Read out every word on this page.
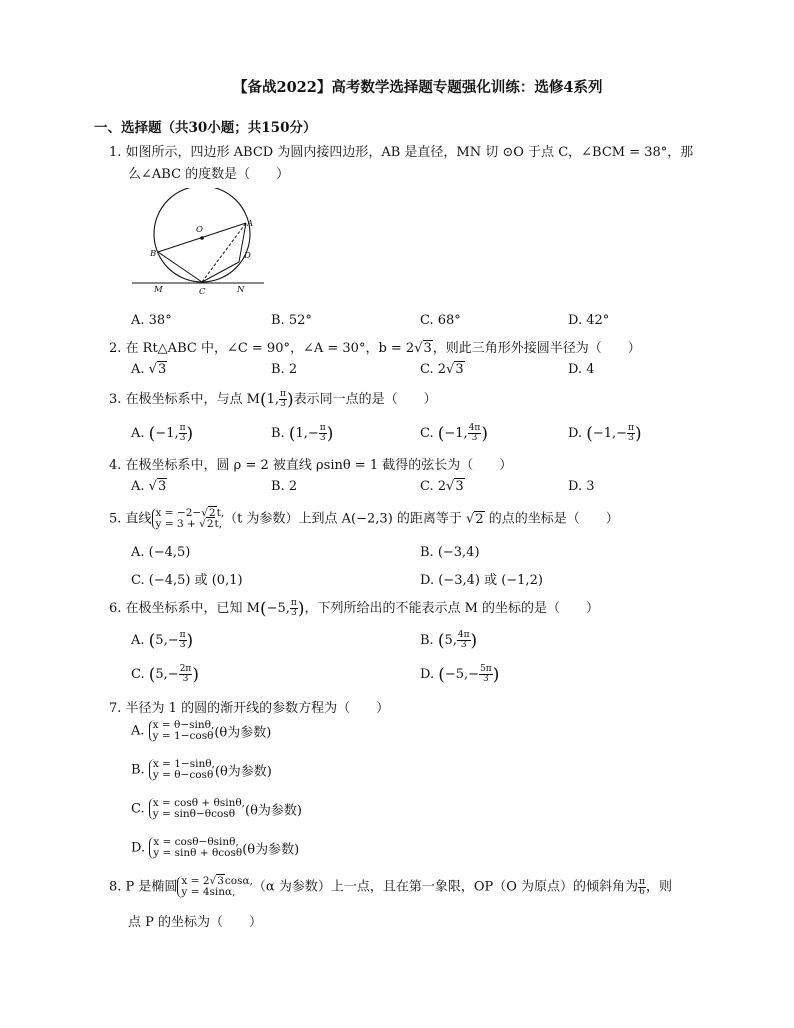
【备战2022】高考数学选择题专题强化训练：选修4系列
一、选择题（共30小题；共150分）
1. 如图所示，四边形 ABCD 为圆内接四边形，AB 是直径，MN 切 ⊙O 于点 C，∠BCM = 38°，那
么∠ABC 的度数是（　　）
O
A
B	D
M	C	N
A. 38°	B. 52°	C. 68°	D. 42°
2. 在 Rt△ABC 中，∠C = 90°，∠A = 30°，b = 2√3，则此三角形外接圆半径为（　　）
A. √3	B. 2	C. 2√3	D. 4
3. 在极坐标系中，与点 M(1, $\frac{\pi}{3}$ )表示同一点的是（　　）
A. (−1, $\frac{\pi}{3}$ )	B. ($1,- \frac{\pi}{3}$ )	C. (−1, $\frac{4\pi}{3}$ )	D. ($-1,- \frac{\pi}{3}$ )
4. 在极坐标系中，圆 ρ = 2 被直线 ρsinθ = 1 截得的弦长为（　　）
A. √3	B. 2	C. 2√3	D. 3
5. 直线 x = −2−√2t,
y = 3 + √2t, （t 为参数）上到点 A(−2,3) 的距离等于 √2 的点的坐标是（　　）
A. (−4,5)	B. (−3,4)
C. (−4,5) 或 (0,1)	D. (−3,4) 或 (−1,2)
6. 在极坐标系中，已知 M(−5, $\frac{\pi}{3}$ )，下列所给出的不能表示点 M 的坐标的是（　　）
A. ($5,- \frac{\pi}{3}$ )	B. (5, $\frac{4\pi}{3}$ )
C. ($5,- \frac{2\pi}{3}$ )	D. ($-5,- \frac{5\pi}{3}$ )
7. 半径为 1 的圆的渐开线的参数方程为（　　）
A. x = θ−sinθ,
y = 1−cosθ (θ为参数)
B. x = 1−sinθ,
y = θ−cosθ (θ为参数)
C. x = cosθ + θsinθ,
y = sinθ−θcosθ (θ为参数)
D. x = cosθ−θsinθ,
y = sinθ + θcosθ (θ为参数)
8. P 是椭圆 x = 2√3cosα,
y = 4sinα,	（α 为参数）上一点，且在第一象限，OP（O 为原点）的倾斜角为 $\frac{\pi}{6}$ ，则
点 P 的坐标为（　　）
